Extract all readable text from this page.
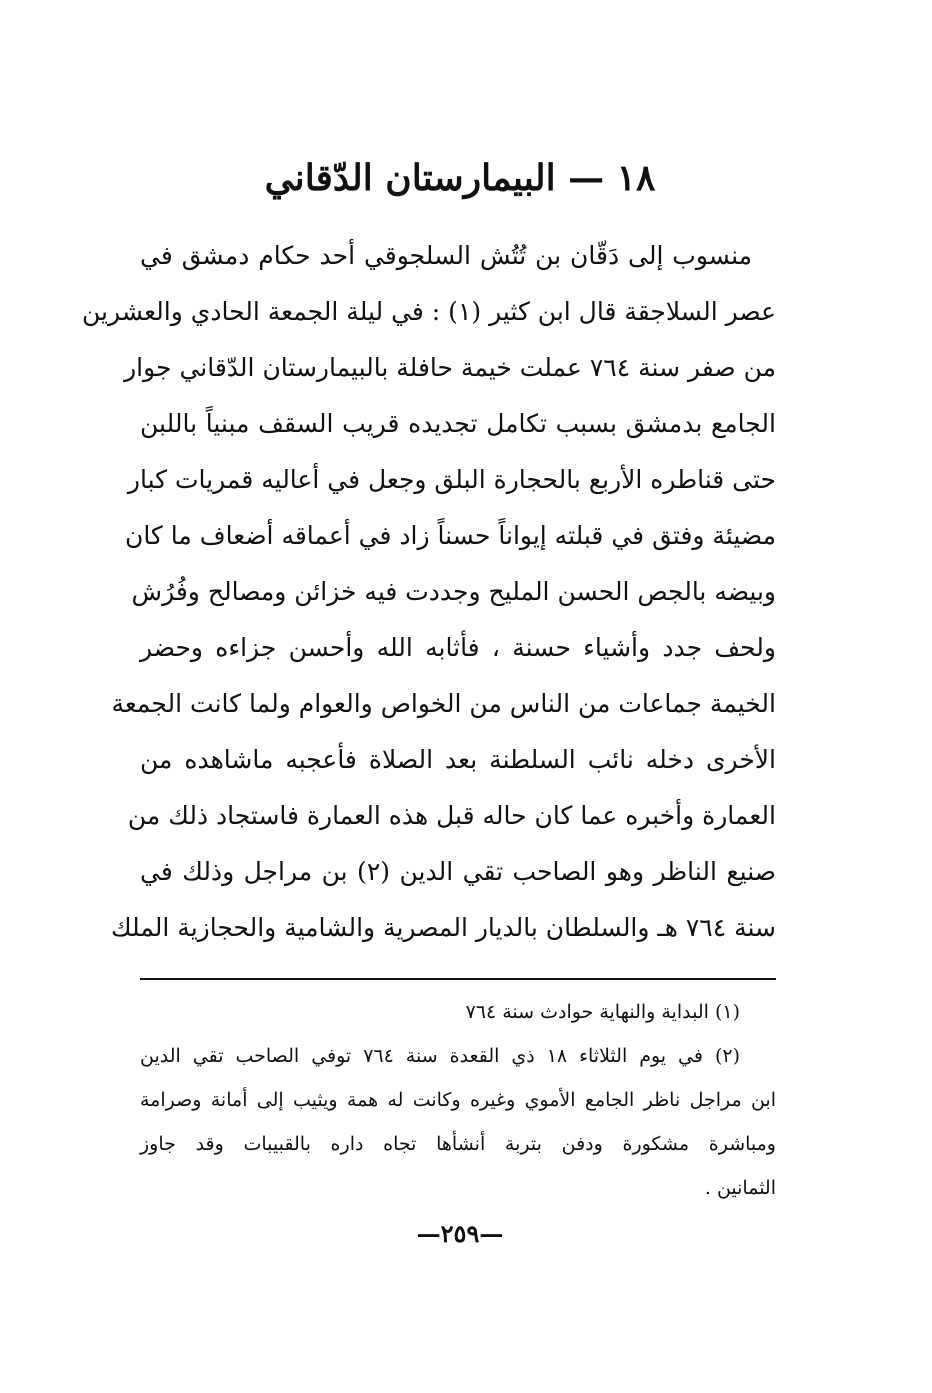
١٨ — البيمارستان الدّقاني
منسوب إلى دَقّان بن تُتُش السلجوقي أحد حكام دمشق في
عصر السلاجقة قال ابن كثير (١) : في ليلة الجمعة الحادي والعشرين
من صفر سنة ٧٦٤ عملت خيمة حافلة بالبيمارستان الدّقاني جوار
الجامع بدمشق بسبب تكامل تجديده قريب السقف مبنياً باللبن
حتى قناطره الأربع بالحجارة البلق وجعل في أعاليه قمريات كبار
مضيئة وفتق في قبلته إيواناً حسناً زاد في أعماقه أضعاف ما كان
وبيضه بالجص الحسن المليح وجددت فيه خزائن ومصالح وفُرُش
ولحف جدد وأشياء حسنة ، فأثابه الله وأحسن جزاءه وحضر
الخيمة جماعات من الناس من الخواص والعوام ولما كانت الجمعة
الأخرى دخله نائب السلطنة بعد الصلاة فأعجبه ماشاهده من
العمارة وأخبره عما كان حاله قبل هذه العمارة فاستجاد ذلك من
صنيع الناظر وهو الصاحب تقي الدين (٢) بن مراجل وذلك في
سنة ٧٦٤ هـ والسلطان بالديار المصرية والشامية والحجازية الملك
(١) البداية والنهاية حوادث سنة ٧٦٤
(٢) في يوم الثلاثاء ١٨ ذي القعدة سنة ٧٦٤ توفي الصاحب تقي الدين
ابن مراجل ناظر الجامع الأموي وغيره وكانت له همة ويثيب إلى أمانة وصرامة
ومباشرة مشكورة ودفن بتربة أنشأها تجاه داره بالقبيبات وقد جاوز
الثمانين .
—٢٥٩—
